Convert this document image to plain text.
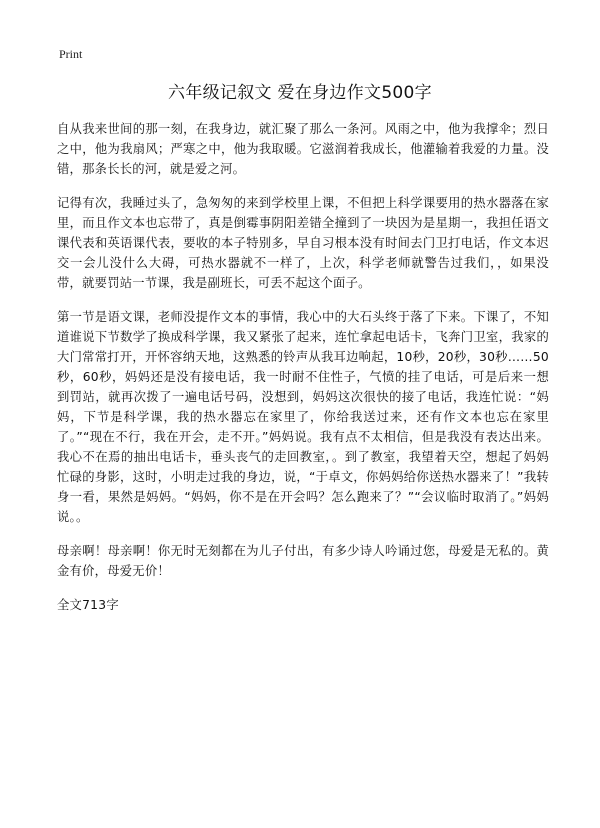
Print
六年级记叙文 爱在身边作文500字

自从我来世间的那一刻，在我身边，就汇聚了那么一条河。风雨之中，他为我撑伞；烈日之中，他为我扇风；严寒之中，他为我取暖。它滋润着我成长，他灌输着我爱的力量。没错，那条长长的河，就是爱之河。

记得有次，我睡过头了，急匆匆的来到学校里上课，不但把上科学课要用的热水器落在家里，而且作文本也忘带了，真是倒霉事阴阳差错全撞到了一块因为是星期一，我担任语文课代表和英语课代表，要收的本子特别多，早自习根本没有时间去门卫打电话，作文本迟交一会儿没什么大碍，可热水器就不一样了，上次，科学老师就警告过我们，，如果没带，就要罚站一节课，我是副班长，可丢不起这个面子。

第一节是语文课，老师没提作文本的事情，我心中的大石头终于落了下来。下课了，不知道谁说下节数学了换成科学课，我又紧张了起来，连忙拿起电话卡，飞奔门卫室，我家的大门常常打开，开怀容纳天地，这熟悉的铃声从我耳边响起，10秒，20秒，30秒……50秒，60秒，妈妈还是没有接电话，我一时耐不住性子，气愤的挂了电话，可是后来一想到罚站，就再次拨了一遍电话号码，没想到，妈妈这次很快的接了电话，我连忙说：“妈妈，下节是科学课，我的热水器忘在家里了，你给我送过来，还有作文本也忘在家里了。”“现在不行，我在开会，走不开。”妈妈说。我有点不太相信，但是我没有表达出来。我心不在焉的抽出电话卡，垂头丧气的走回教室，。到了教室，我望着天空，想起了妈妈忙碌的身影，这时，小明走过我的身边，说，“于卓文，你妈妈给你送热水器来了！”我转身一看，果然是妈妈。“妈妈，你不是在开会吗？怎么跑来了？”“会议临时取消了。”妈妈说。。

母亲啊！母亲啊！你无时无刻都在为儿子付出，有多少诗人吟诵过您，母爱是无私的。黄金有价，母爱无价！

全文713字
